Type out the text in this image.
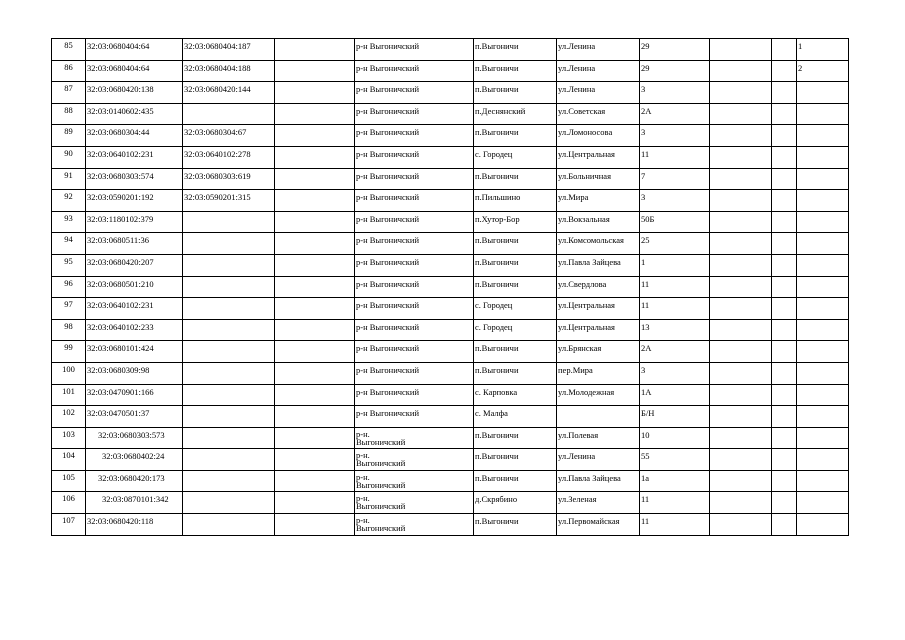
85	32:03:0680404:64	32:03:0680404:187		р-н Выгоничский	п.Выгоничи	ул.Ленина	29			1
86	32:03:0680404:64	32:03:0680404:188		р-н Выгоничский	п.Выгоничи	ул.Ленина	29			2
87	32:03:0680420:138	32:03:0680420:144		р-н Выгоничский	п.Выгоничи	ул.Ленина	3			
88	32:03:0140602:435			р-н Выгоничский	п.Деснянский	ул.Советская	2А			
89	32:03:0680304:44	32:03:0680304:67		р-н Выгоничский	п.Выгоничи	ул.Ломоносова	3			
90	32:03:0640102:231	32:03:0640102:278		р-н Выгоничский	с. Городец	ул.Центральная	11			
91	32:03:0680303:574	32:03:0680303:619		р-н Выгоничский	п.Выгоничи	ул.Больничная	7			
92	32:03:0590201:192	32:03:0590201:315		р-н Выгоничский	п.Пильшино	ул.Мира	3			
93	32:03:1180102:379			р-н Выгоничский	п.Хутор-Бор	ул.Вокзальная	50Б			
94	32:03:0680511:36			р-н Выгоничский	п.Выгоничи	ул.Комсомольская	25			
95	32:03:0680420:207			р-н Выгоничский	п.Выгоничи	ул.Павла Зайцева	1			
96	32:03:0680501:210			р-н Выгоничский	п.Выгоничи	ул.Свердлова	11			
97	32:03:0640102:231			р-н Выгоничский	с. Городец	ул.Центральная	11			
98	32:03:0640102:233			р-н Выгоничский	с. Городец	ул.Центральная	13			
99	32:03:0680101:424			р-н Выгоничский	п.Выгоничи	ул.Брянская	2А			
100	32:03:0680309:98			р-н Выгоничский	п.Выгоничи	пер.Мира	3			
101	32:03:0470901:166			р-н Выгоничский	с. Карповка	ул.Молодежная	1А			
102	32:03:0470501:37			р-н Выгоничский	с. Малфа		Б/Н			
103	32:03:0680303:573			р-н.
Выгоничский	п.Выгоничи	ул.Полевая	10			
104	32:03:0680402:24			р-н.
Выгоничский	п.Выгоничи	ул.Ленина	55			
105	32:03:0680420:173			р-н.
Выгоничский	п.Выгоничи	ул.Павла Зайцева	1а			
106	32:03:0870101:342			р-н.
Выгоничский	д.Скрябино	ул.Зеленая	11			
107	32:03:0680420:118			р-н.
Выгоничский	п.Выгоничи	ул.Первомайская	11			
